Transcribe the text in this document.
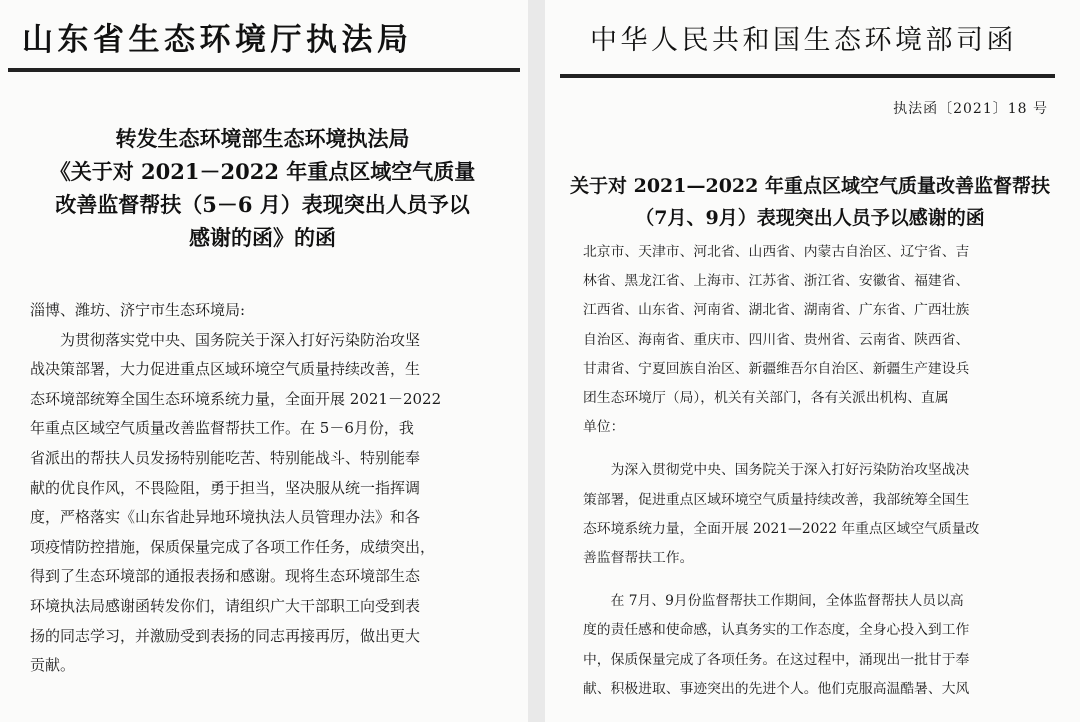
山东省生态环境厅执法局
转发生态环境部生态环境执法局
《关于对 2021－2022 年重点区域空气质量
改善监督帮扶（5－6 月）表现突出人员予以
感谢的函》的函
淄博、潍坊、济宁市生态环境局:
为贯彻落实党中央、国务院关于深入打好污染防治攻坚
战决策部署，大力促进重点区域环境空气质量持续改善，生
态环境部统筹全国生态环境系统力量，全面开展 2021－2022
年重点区域空气质量改善监督帮扶工作。在 5－6月份，我
省派出的帮扶人员发扬特别能吃苦、特别能战斗、特别能奉
献的优良作风，不畏险阻，勇于担当，坚决服从统一指挥调
度，严格落实《山东省赴异地环境执法人员管理办法》和各
项疫情防控措施，保质保量完成了各项工作任务，成绩突出，
得到了生态环境部的通报表扬和感谢。现将生态环境部生态
环境执法局感谢函转发你们，请组织广大干部职工向受到表
扬的同志学习，并激励受到表扬的同志再接再厉，做出更大
贡献。
中华人民共和国生态环境部司函
执法函〔2021〕18 号
关于对 2021—2022 年重点区域空气质量改善监督帮扶
（7月、9月）表现突出人员予以感谢的函
北京市、天津市、河北省、山西省、内蒙古自治区、辽宁省、吉
林省、黑龙江省、上海市、江苏省、浙江省、安徽省、福建省、
江西省、山东省、河南省、湖北省、湖南省、广东省、广西壮族
自治区、海南省、重庆市、四川省、贵州省、云南省、陕西省、
甘肃省、宁夏回族自治区、新疆维吾尔自治区、新疆生产建设兵
团生态环境厅（局），机关有关部门，各有关派出机构、直属
单位：
为深入贯彻党中央、国务院关于深入打好污染防治攻坚战决
策部署，促进重点区域环境空气质量持续改善，我部统筹全国生
态环境系统力量，全面开展 2021—2022 年重点区域空气质量改
善监督帮扶工作。
在 7月、9月份监督帮扶工作期间，全体监督帮扶人员以高
度的责任感和使命感，认真务实的工作态度，全身心投入到工作
中，保质保量完成了各项任务。在这过程中，涌现出一批甘于奉
献、积极进取、事迹突出的先进个人。他们克服高温酷暑、大风
